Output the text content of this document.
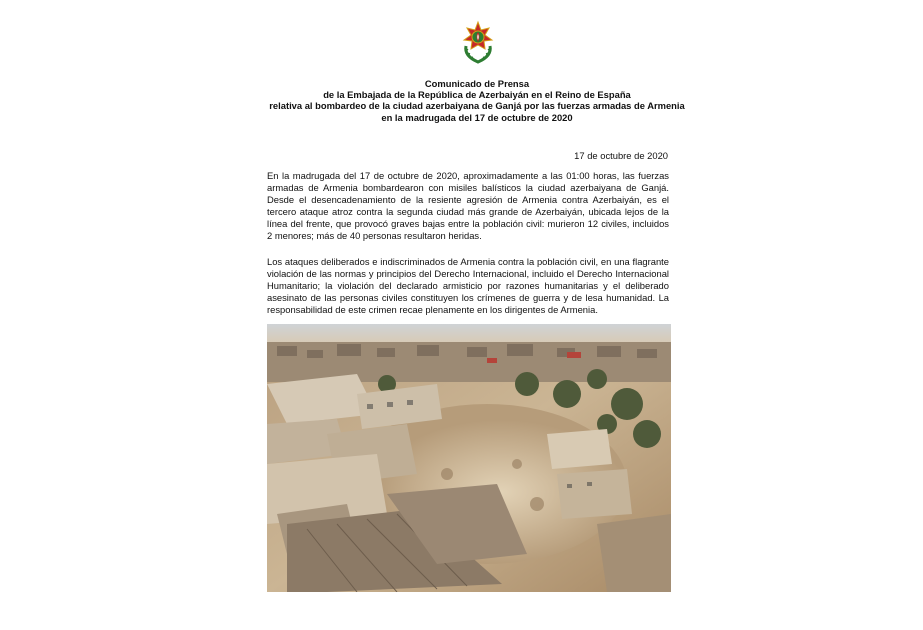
Comunicado de Prensa
de la Embajada de la República de Azerbaiyán en el Reino de España
relativa al bombardeo de la ciudad azerbaiyana de Ganjá por las fuerzas armadas de Armenia
en la madrugada del 17 de octubre de 2020
17 de octubre de 2020
En la madrugada del 17 de octubre de 2020, aproximadamente a las 01:00 horas, las fuerzas armadas de Armenia bombardearon con misiles balísticos la ciudad azerbaiyana de Ganjá. Desde el desencadenamiento de la resiente agresión de Armenia contra Azerbaiyán, es el tercero ataque atroz contra la segunda ciudad más grande de Azerbaiyán, ubicada lejos de la línea del frente, que provocó graves bajas entre la población civil: murieron 12 civiles, incluidos 2 menores; más de 40 personas resultaron heridas.
Los ataques deliberados e indiscriminados de Armenia contra la población civil, en una flagrante violación de las normas y principios del Derecho Internacional, incluido el Derecho Internacional Humanitario; la violación del declarado armisticio por razones humanitarias y el deliberado asesinato de las personas civiles constituyen los crímenes de guerra y de lesa humanidad. La responsabilidad de este crimen recae plenamente en los dirigentes de Armenia.
